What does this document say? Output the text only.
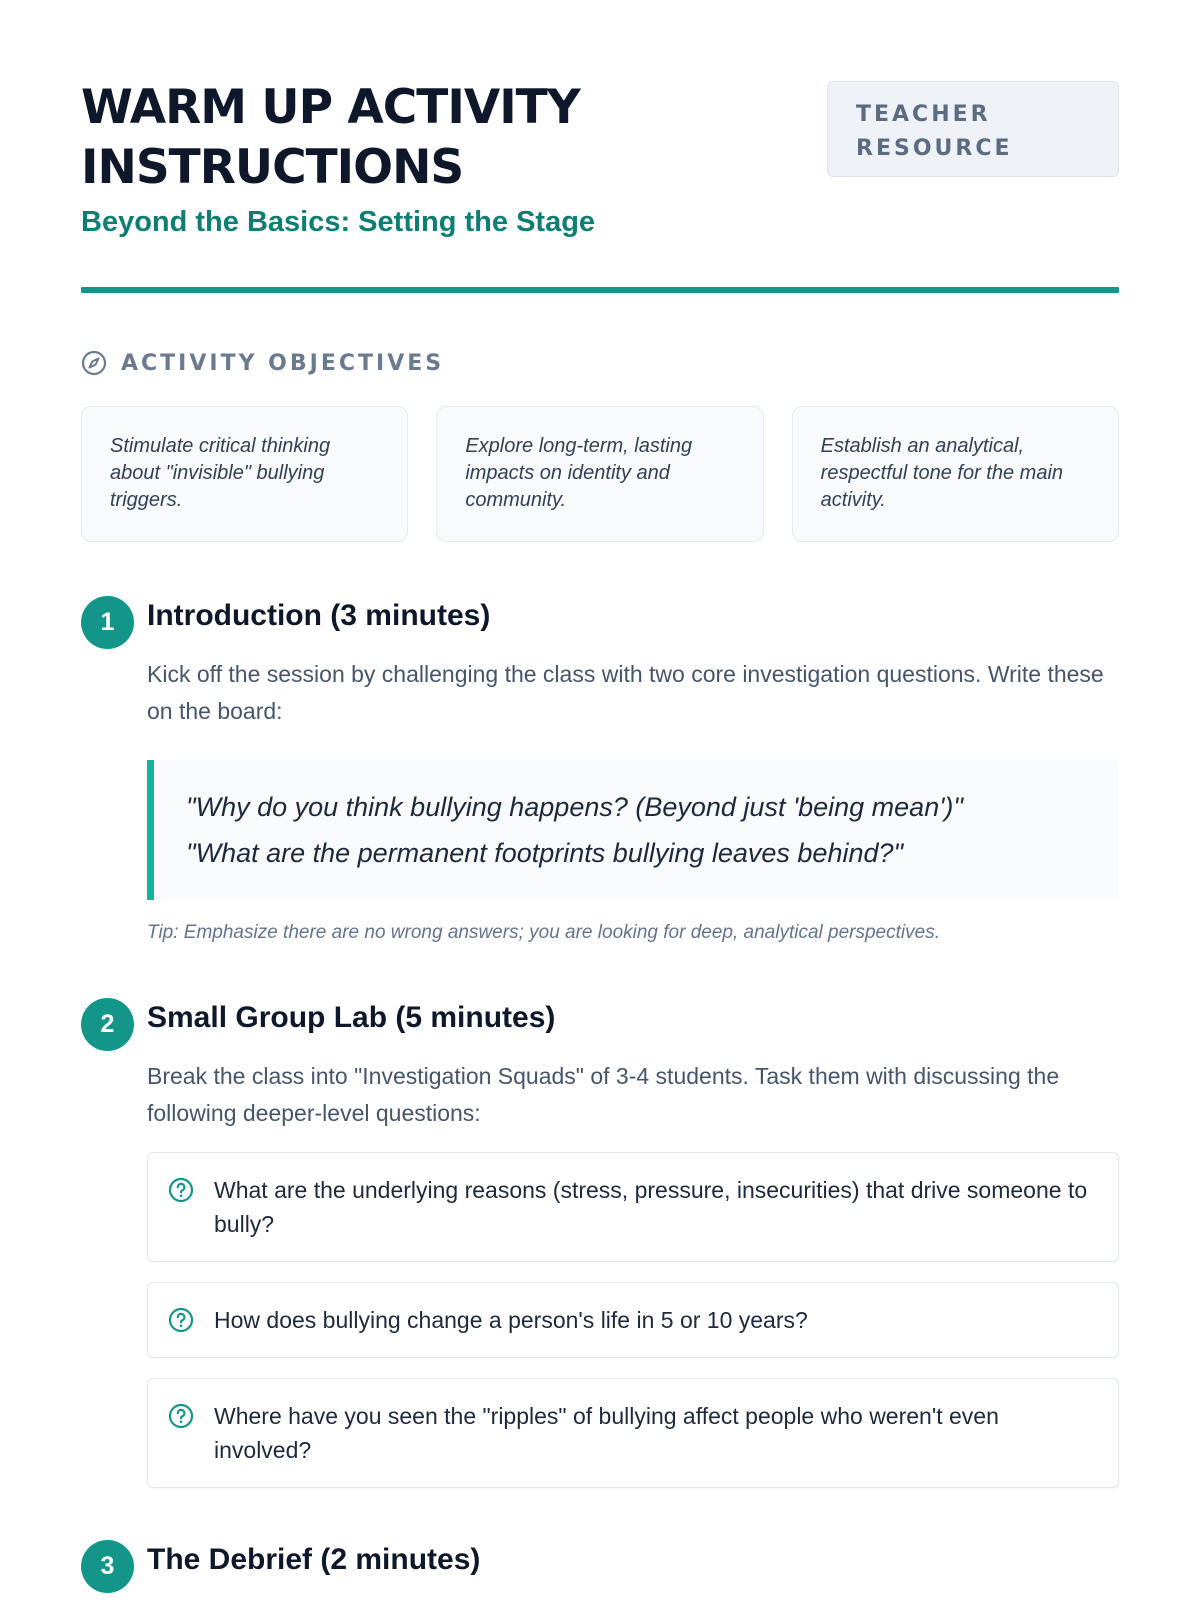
WARM UP ACTIVITY INSTRUCTIONS
Beyond the Basics: Setting the Stage
TEACHER RESOURCE
ACTIVITY OBJECTIVES
Stimulate critical thinking about "invisible" bullying triggers.
Explore long-term, lasting impacts on identity and community.
Establish an analytical, respectful tone for the main activity.
1	Introduction (3 minutes)

Kick off the session by challenging the class with two core investigation questions. Write these on the board:

"Why do you think bullying happens? (Beyond just 'being mean')"

"What are the permanent footprints bullying leaves behind?"

Tip: Emphasize there are no wrong answers; you are looking for deep, analytical perspectives.
2	Small Group Lab (5 minutes)

Break the class into "Investigation Squads" of 3-4 students. Task them with discussing the following deeper-level questions:

What are the underlying reasons (stress, pressure, insecurities) that drive someone to bully?
How does bullying change a person's life in 5 or 10 years?
Where have you seen the "ripples" of bullying affect people who weren't even involved?
3	The Debrief (2 minutes)
